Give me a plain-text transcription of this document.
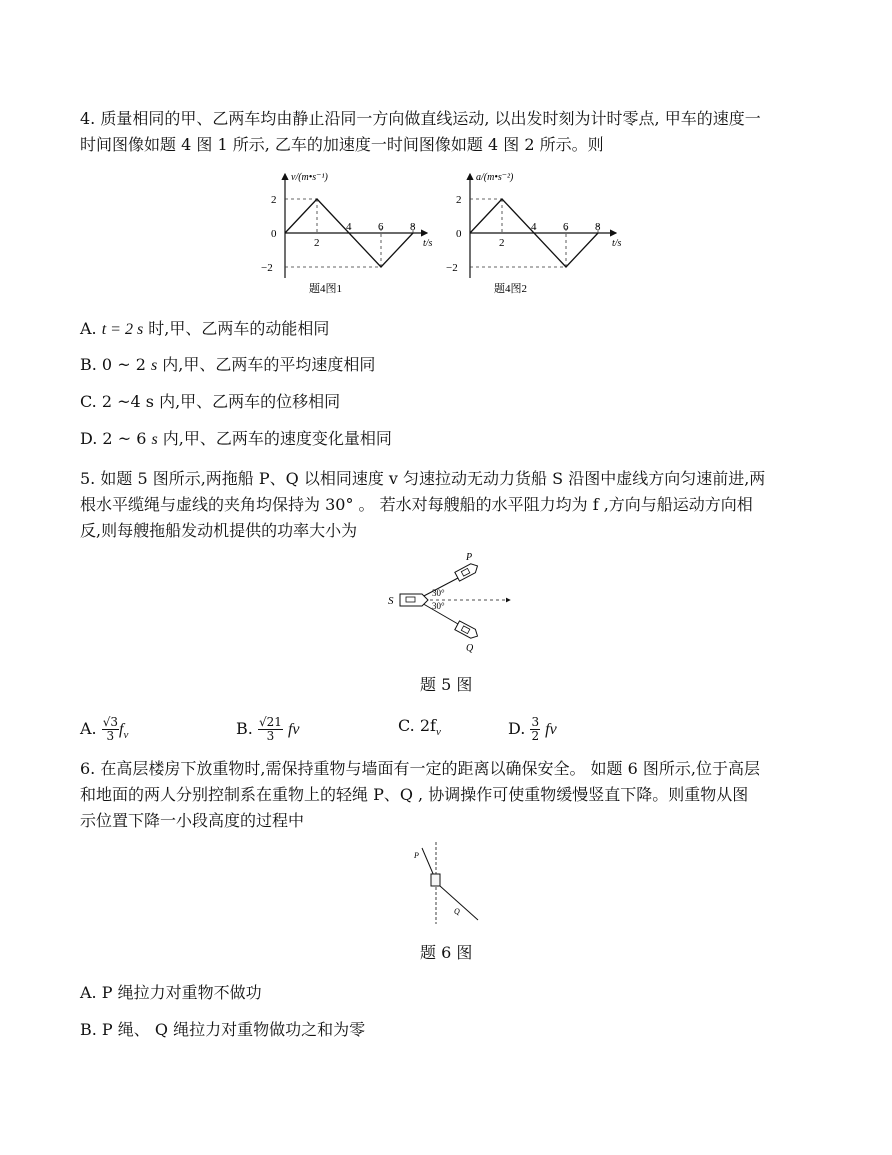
4. 质量相同的甲、乙两车均由静止沿同一方向做直线运动, 以出发时刻为计时零点, 甲车的速度一
时间图像如题 4 图 1 所示, 乙车的加速度一时间图像如题 4 图 2 所示。则
2
4 6 8
2
0
−2
v/(m•s⁻¹)
t/s
题4图1
2
4 6 8
2
0
−2
a/(m•s⁻²)
t/s
题4图2
A. t = 2 s 时,甲、乙两车的动能相同
B. 0 ~ 2 s 内,甲、乙两车的平均速度相同
C. 2 ~4 s 内,甲、乙两车的位移相同
D. 2 ~ 6 s 内,甲、乙两车的速度变化量相同
5. 如题 5 图所示,两拖船 P、Q 以相同速度 v 匀速拉动无动力货船 S 沿图中虚线方向匀速前进,两
根水平缆绳与虚线的夹角均保持为 30° 。 若水对每艘船的水平阻力均为 f ,方向与船运动方向相
反,则每艘拖船发动机提供的功率大小为
P
Q
S
30°
30°
题 5 图
A. $\frac{√3}{3} f_v$	B. $\frac{√21}{3}$ fv	C. $2f_v$	D. $\frac{3}{2}$ fv
6. 在高层楼房下放重物时,需保持重物与墙面有一定的距离以确保安全。 如题 6 图所示,位于高层
和地面的两人分别控制系在重物上的轻绳 P、Q , 协调操作可使重物缓慢竖直下降。则重物从图
示位置下降一小段高度的过程中
P
Q
题 6 图
A. P 绳拉力对重物不做功
B. P 绳、 Q 绳拉力对重物做功之和为零
